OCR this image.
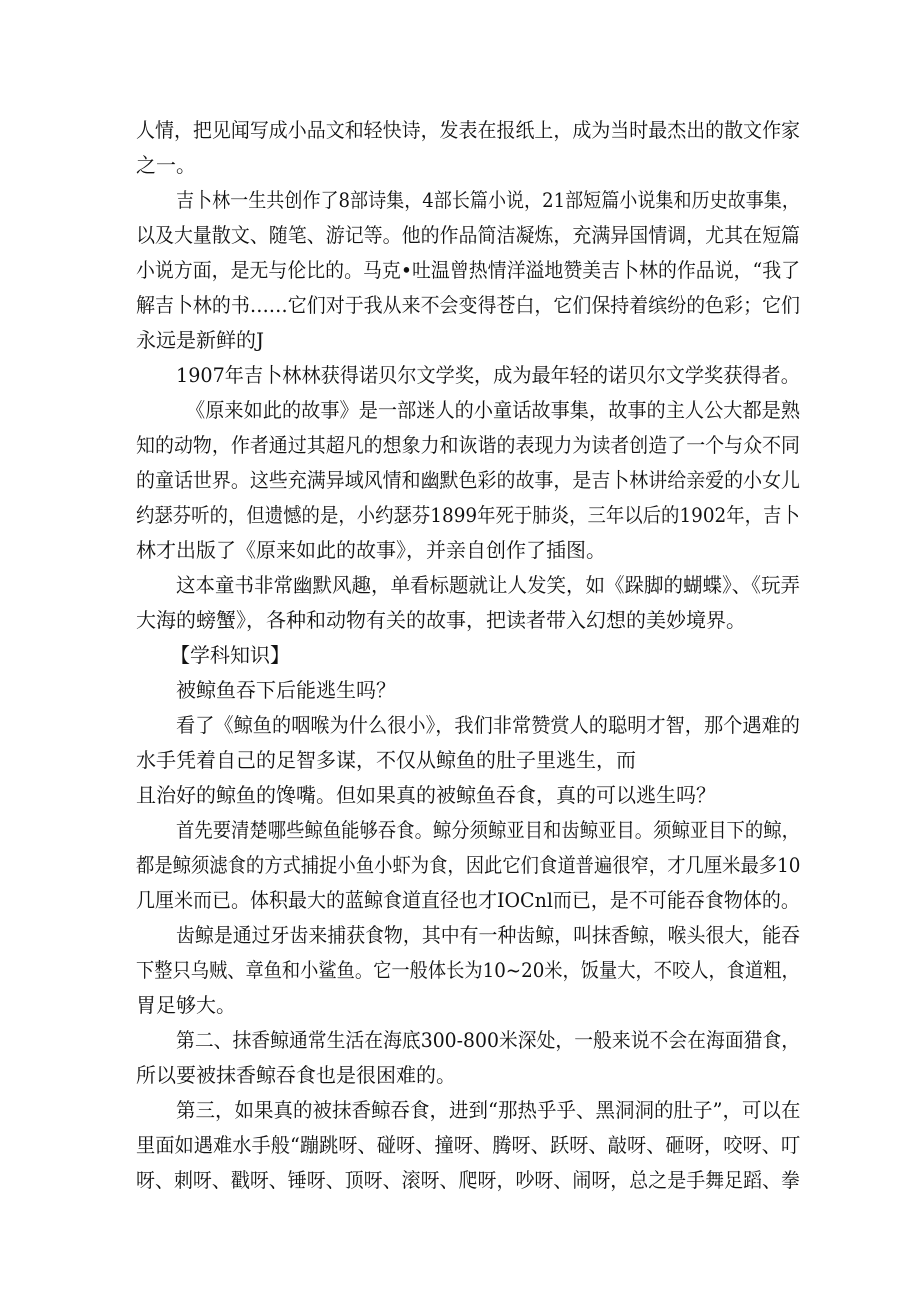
人情，把见闻写成小品文和轻快诗，发表在报纸上，成为当时最杰出的散文作家
之一。
吉卜林一生共创作了8部诗集，4部长篇小说，21部短篇小说集和历史故事集，
以及大量散文、随笔、游记等。他的作品简洁凝炼，充满异国情调，尤其在短篇
小说方面，是无与伦比的。马克•吐温曾热情洋溢地赞美吉卜林的作品说，“我了
解吉卜林的书……它们对于我从来不会变得苍白，它们保持着缤纷的色彩；它们
永远是新鲜的J
1907年吉卜林林获得诺贝尔文学奖，成为最年轻的诺贝尔文学奖获得者。
《原来如此的故事》是一部迷人的小童话故事集，故事的主人公大都是熟
知的动物，作者通过其超凡的想象力和诙谐的表现力为读者创造了一个与众不同
的童话世界。这些充满异域风情和幽默色彩的故事，是吉卜林讲给亲爱的小女儿
约瑟芬听的，但遗憾的是，小约瑟芬1899年死于肺炎，三年以后的1902年，吉卜
林才出版了《原来如此的故事》，并亲自创作了插图。
这本童书非常幽默风趣，单看标题就让人发笑，如《跺脚的蝴蝶》、《玩弄
大海的螃蟹》，各种和动物有关的故事，把读者带入幻想的美妙境界。
【学科知识】
被鲸鱼吞下后能逃生吗？
看了《鲸鱼的咽喉为什么很小》，我们非常赞赏人的聪明才智，那个遇难的
水手凭着自己的足智多谋，不仅从鲸鱼的肚子里逃生，而
且治好的鲸鱼的馋嘴。但如果真的被鲸鱼吞食，真的可以逃生吗？
首先要清楚哪些鲸鱼能够吞食。鲸分须鲸亚目和齿鲸亚目。须鲸亚目下的鲸，
都是鲸须滤食的方式捕捉小鱼小虾为食，因此它们食道普遍很窄，才几厘米最多10
几厘米而已。体积最大的蓝鲸食道直径也才IOCnl而已，是不可能吞食物体的。
齿鲸是通过牙齿来捕获食物，其中有一种齿鲸，叫抹香鲸，喉头很大，能吞
下整只乌贼、章鱼和小鲨鱼。它一般体长为10~20米，饭量大，不咬人，食道粗，
胃足够大。
第二、抹香鲸通常生活在海底300-800米深处，一般来说不会在海面猎食，
所以要被抹香鲸吞食也是很困难的。
第三，如果真的被抹香鲸吞食，进到“那热乎乎、黑洞洞的肚子”，可以在
里面如遇难水手般“蹦跳呀、碰呀、撞呀、腾呀、跃呀、敲呀、砸呀，咬呀、叮
呀、刺呀、戳呀、锤呀、顶呀、滚呀、爬呀，吵呀、闹呀，总之是手舞足蹈、拳
